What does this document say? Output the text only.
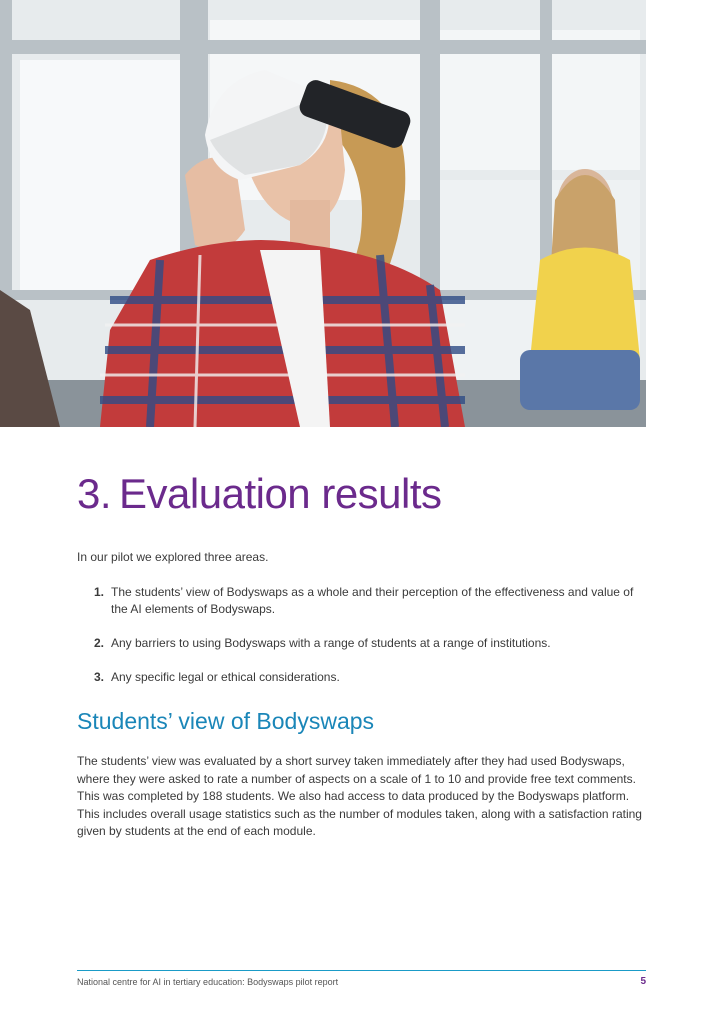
3. Evaluation results

In our pilot we explored three areas.

1. The students’ view of Bodyswaps as a whole and their perception of the effectiveness and value of the AI elements of Bodyswaps.
2. Any barriers to using Bodyswaps with a range of students at a range of institutions.
3. Any specific legal or ethical considerations.
Students’ view of Bodyswaps

The students’ view was evaluated by a short survey taken immediately after they had used Bodyswaps, where they were asked to rate a number of aspects on a scale of 1 to 10 and provide free text comments. This was completed by 188 students. We also had access to data produced by the Bodyswaps platform. This includes overall usage statistics such as the number of modules taken, along with a satisfaction rating given by students at the end of each module.

National centre for AI in tertiary education: Bodyswaps pilot report	5
